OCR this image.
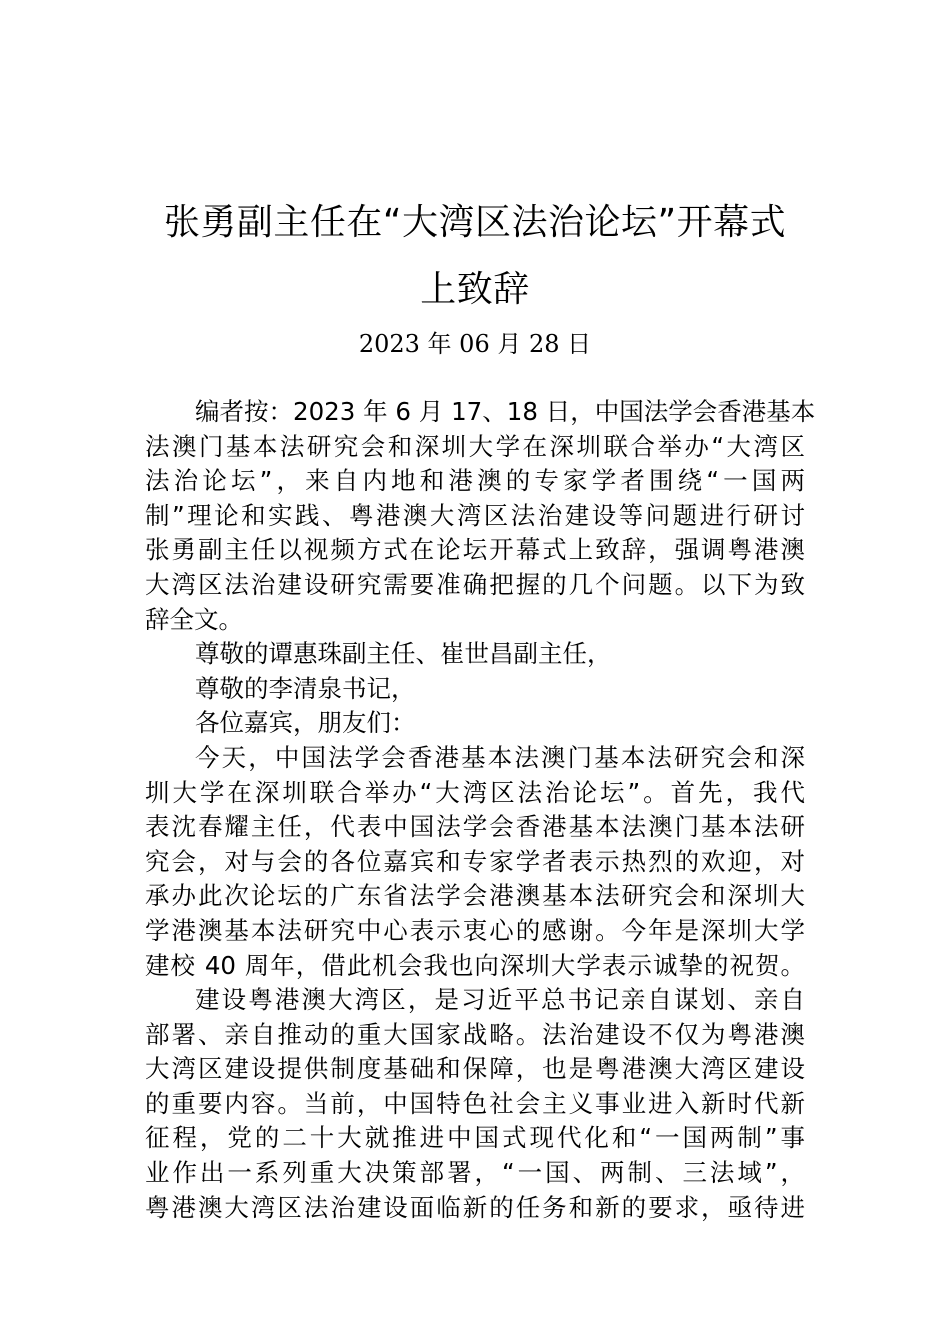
张勇副主任在“大湾区法治论坛”开幕式
上致辞
2023 年 06 月 28 日
编者按：2023 年 6 月 17、18 日，中国法学会香港基本
法澳门基本法研究会和深圳大学在深圳联合举办“大湾区
法治论坛”，来自内地和港澳的专家学者围绕“一国两
制”理论和实践、粤港澳大湾区法治建设等问题进行研讨
张勇副主任以视频方式在论坛开幕式上致辞，强调粤港澳
大湾区法治建设研究需要准确把握的几个问题。以下为致
辞全文。
尊敬的谭惠珠副主任、崔世昌副主任，
尊敬的李清泉书记，
各位嘉宾，朋友们：
今天，中国法学会香港基本法澳门基本法研究会和深
圳大学在深圳联合举办“大湾区法治论坛”。首先，我代
表沈春耀主任，代表中国法学会香港基本法澳门基本法研
究会，对与会的各位嘉宾和专家学者表示热烈的欢迎，对
承办此次论坛的广东省法学会港澳基本法研究会和深圳大
学港澳基本法研究中心表示衷心的感谢。今年是深圳大学
建校 40 周年，借此机会我也向深圳大学表示诚挚的祝贺。
建设粤港澳大湾区，是习近平总书记亲自谋划、亲自
部署、亲自推动的重大国家战略。法治建设不仅为粤港澳
大湾区建设提供制度基础和保障，也是粤港澳大湾区建设
的重要内容。当前，中国特色社会主义事业进入新时代新
征程，党的二十大就推进中国式现代化和“一国两制”事
业作出一系列重大决策部署，“一国、两制、三法域”，
粤港澳大湾区法治建设面临新的任务和新的要求，亟待进
